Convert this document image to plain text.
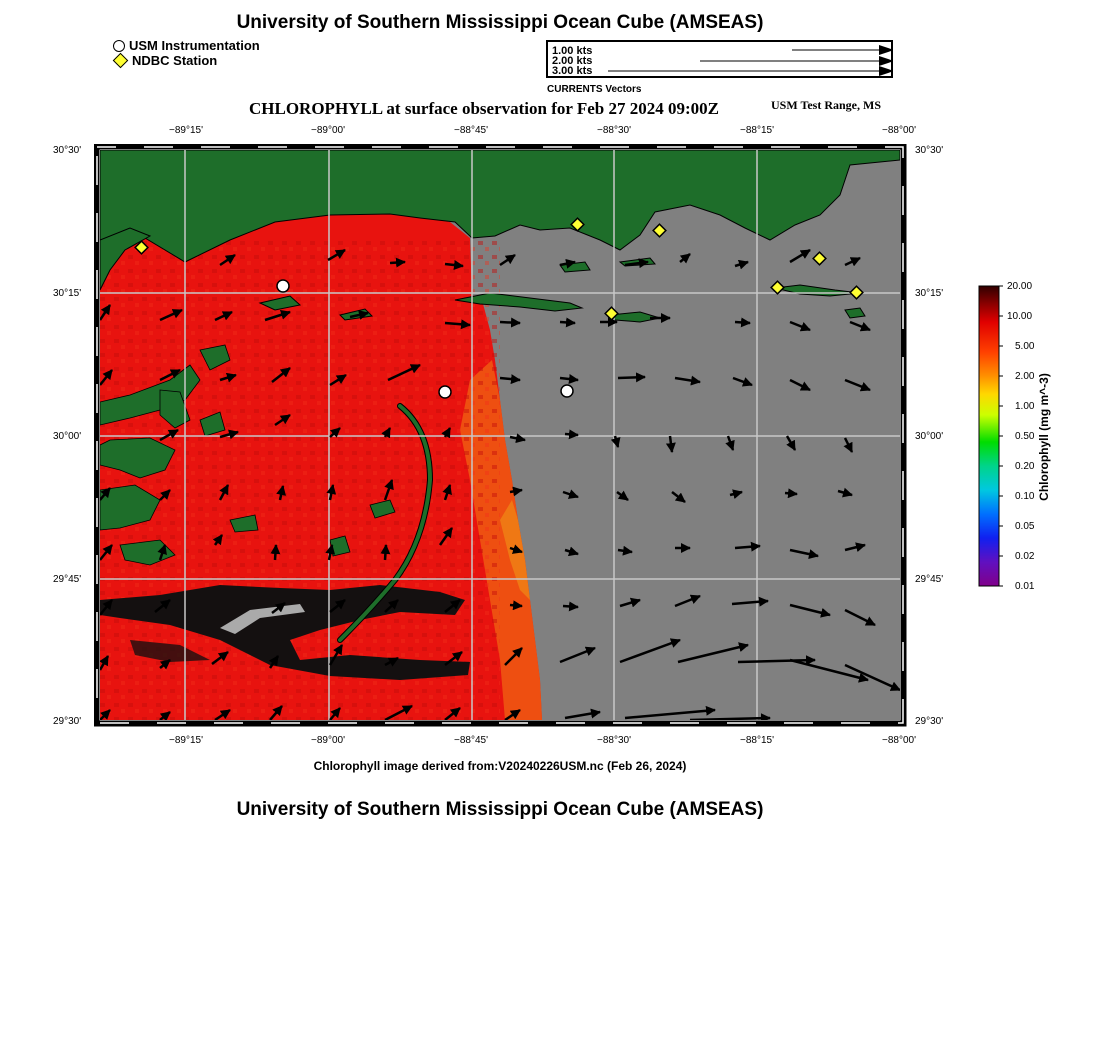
University of Southern Mississippi Ocean Cube (AMSEAS)
USM Instrumentation
NDBC Station
1.00 kts
2.00 kts
3.00 kts
CURRENTS Vectors
CHLOROPHYLL at surface observation for Feb 27 2024 09:00Z	USM Test Range, MS
−89°15'	−89°00'	−88°45'	−88°30'	−88°15'	−88°00'
−89°15'	−89°00'	−88°45'	−88°30'	−88°15'	−88°00'
30°30'
30°15'
30°00'
29°45'
29°30'
30°30'
30°15'
30°00'
29°45'
29°30'
20.00
10.00
5.00
2.00
1.00
0.50
0.20
0.10
0.05
0.02
0.01
Chlorophyll (mg m^-3)
Chlorophyll image derived from:V20240226USM.nc (Feb 26, 2024)
University of Southern Mississippi Ocean Cube (AMSEAS)
